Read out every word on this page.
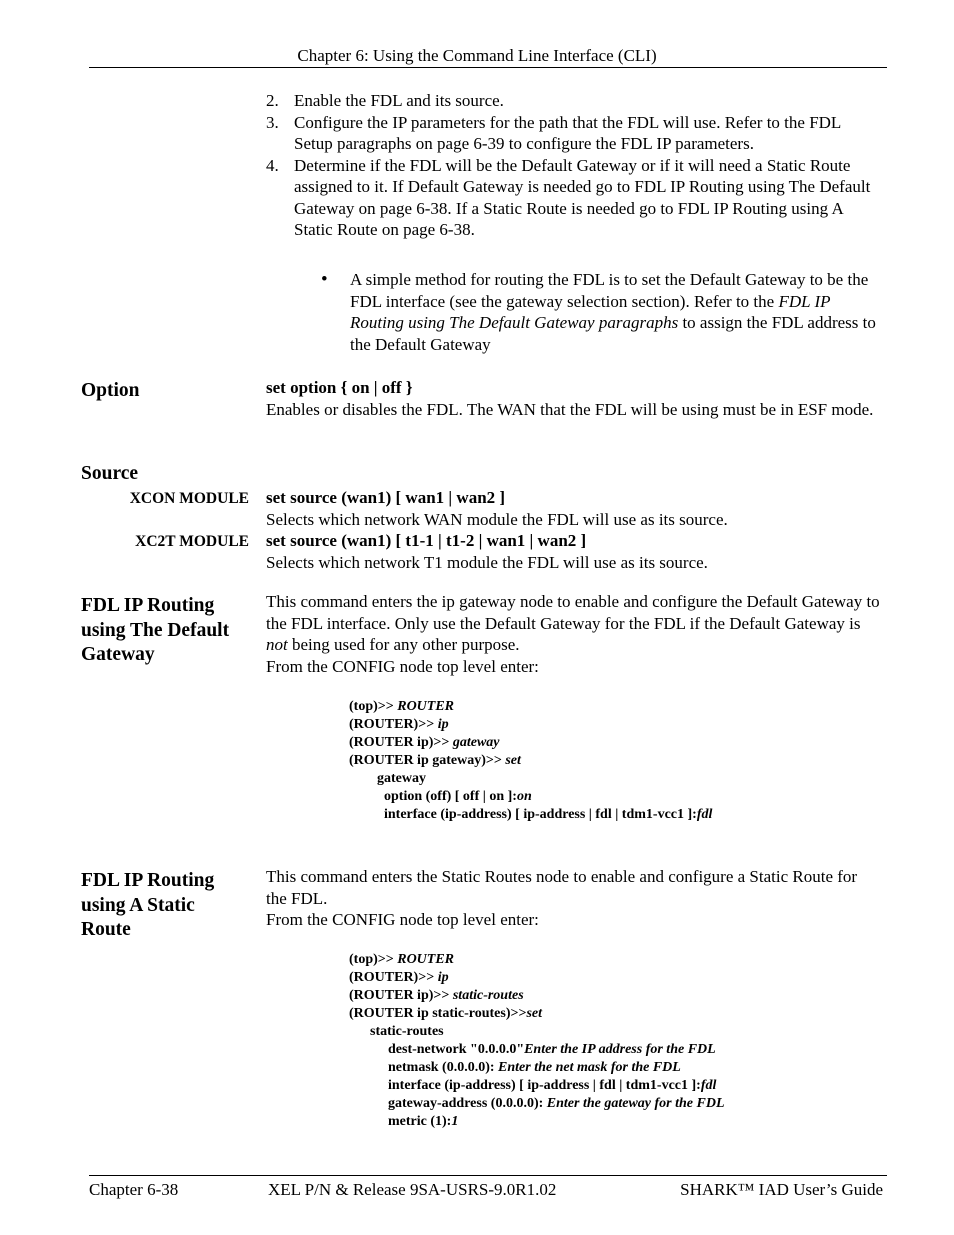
Chapter 6: Using the Command Line Interface (CLI)
2. Enable the FDL and its source.
3. Configure the IP parameters for the path that the FDL will use. Refer to the FDL Setup paragraphs on page 6-39 to configure the FDL IP parameters.
4. Determine if the FDL will be the Default Gateway or if it will need a Static Route assigned to it. If Default Gateway is needed go to FDL IP Routing using The Default Gateway on page 6-38. If a Static Route is needed go to FDL IP Routing using A Static Route on page 6-38.
• A simple method for routing the FDL is to set the Default Gateway to be the FDL interface (see the gateway selection section). Refer to the FDL IP Routing using The Default Gateway paragraphs to assign the FDL address to the Default Gateway
Option	set option { on | off }
Enables or disables the FDL. The WAN that the FDL will be using must be in ESF mode.
Source
XCON MODULE set source (wan1) [ wan1 | wan2 ]
Selects which network WAN module the FDL will use as its source.
XC2T MODULE set source (wan1) [ t1-1 | t1-2 | wan1 | wan2 ]
Selects which network T1 module the FDL will use as its source.
FDL IP Routing
using The Default
Gateway
This command enters the ip gateway node to enable and configure the Default Gateway to the FDL interface. Only use the Default Gateway for the FDL if the Default Gateway is not being used for any other purpose.
From the CONFIG node top level enter:
(top)>> ROUTER
(ROUTER)>> ip
(ROUTER ip)>> gateway
(ROUTER ip gateway)>> set
gateway
option (off) [ off | on ]:on
interface (ip-address) [ ip-address | fdl | tdm1-vcc1 ]:fdl
FDL IP Routing
using A Static
Route
This command enters the Static Routes node to enable and configure a Static Route for the FDL.
From the CONFIG node top level enter:
(top)>> ROUTER
(ROUTER)>> ip
(ROUTER ip)>> static-routes
(ROUTER ip static-routes)>>set
static-routes
dest-network "0.0.0.0"Enter the IP address for the FDL
netmask (0.0.0.0): Enter the net mask for the FDL
interface (ip-address) [ ip-address | fdl | tdm1-vcc1 ]:fdl
gateway-address (0.0.0.0): Enter the gateway for the FDL
metric (1):1
Chapter 6-38	XEL P/N & Release 9SA-USRS-9.0R1.02	SHARK™ IAD User’s Guide
